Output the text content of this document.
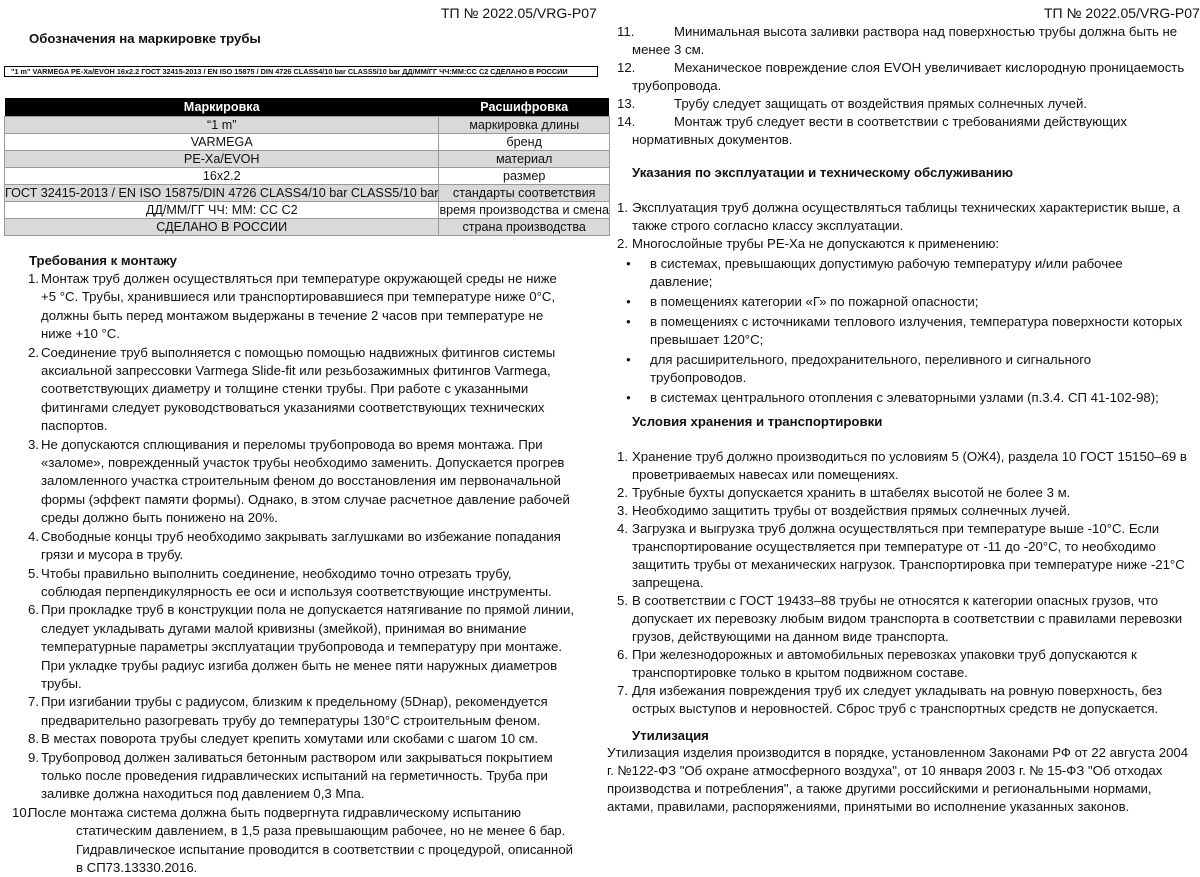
ТП № 2022.05/VRG-P07
Обозначения на маркировке трубы
"1 m" VARMEGA PE-Xa/EVOH 16x2.2 ГОСТ 32415-2013 / EN ISO 15875 / DIN 4726 CLASS4/10 bar CLASS5/10 bar ДД/ММ/ГГ ЧЧ:ММ:СС С2 СДЕЛАНО В РОССИИ
Маркировка	Расшифровка
“1 m”	маркировка длины
VARMEGA	бренд
PE-Xa/EVOH	материал
16x2.2	размер
ГОСТ 32415-2013 / EN ISO 15875/DIN 4726 CLASS4/10 bar CLASS5/10 bar	стандарты соответствия
ДД/ММ/ГГ ЧЧ: ММ: СС С2	время производства и смена
СДЕЛАНО В РОССИИ	страна производства
Требования к монтажу
1. Монтаж труб должен осуществляться при температуре окружающей среды не ниже +5 °С. Трубы, хранившиеся или транспортировавшиеся при температуре ниже 0°С, должны быть перед монтажом выдержаны в течение 2 часов при температуре не ниже +10 °С.
2. Соединение труб выполняется с помощью помощью надвижных фитингов системы аксиальной запрессовки Varmega Slide-fit или резьбозажимных фитингов Varmega, соответствующих диаметру и толщине стенки трубы. При работе с указанными фитингами следует руководствоваться указаниями соответствующих технических паспортов.
3. Не допускаются сплющивания и переломы трубопровода во время монтажа. При «заломе», поврежденный участок трубы необходимо заменить. Допускается прогрев заломленного участка строительным феном до восстановления им первоначальной формы (эффект памяти формы). Однако, в этом случае расчетное давление рабочей среды должно быть понижено на 20%.
4. Свободные концы труб необходимо закрывать заглушками во избежание попадания грязи и мусора в трубу.
5. Чтобы правильно выполнить соединение, необходимо точно отрезать трубу, соблюдая перпендикулярность ее оси и используя соответствующие инструменты.
6. При прокладке труб в конструкции пола не допускается натягивание по прямой линии, следует укладывать дугами малой кривизны (змейкой), принимая во внимание температурные параметры эксплуатации трубопровода и температуру при монтаже. При укладке трубы радиус изгиба должен быть не менее пяти наружных диаметров трубы.
7. При изгибании трубы с радиусом, близким к предельному (5Dнар), рекомендуется предварительно разогревать трубу до температуры 130°С строительным феном.
8. В местах поворота трубы следует крепить хомутами или скобами с шагом 10 см.
9. Трубопровод должен заливаться бетонным раствором или закрываться покрытием только после проведения гидравлических испытаний на герметичность. Труба при заливке должна находиться под давлением 0,3 Мпа.
10.
После монтажа система должна быть подвергнута гидравлическому испытанию статическим давлением, в 1,5 раза превышающим рабочее, но не менее 6 бар. Гидравлическое испытание проводится в соответствии с процедурой, описанной в СП73.13330.2016.
ТП № 2022.05/VRG-P07
11.	Минимальная высота заливки раствора над поверхностью трубы должна быть не менее 3 см.
12.	Механическое повреждение слоя EVOH увеличивает кислородную проницаемость трубопровода.
13.	Трубу следует защищать от воздействия прямых солнечных лучей.
14.	Монтаж труб следует вести в соответствии с требованиями действующих нормативных документов.
Указания по эксплуатации и техническому обслуживанию
1. Эксплуатация труб должна осуществляться таблицы технических характеристик выше, а также строго согласно классу эксплуатации.
2. Многослойные трубы PE-Xa не допускаются к применению:
● в системах, превышающих допустимую рабочую температуру и/или рабочее давление;
● в помещениях категории «Г» по пожарной опасности;
● в помещениях с источниками теплового излучения, температура поверхности которых превышает 120°С;
● для расширительного, предохранительного, переливного и сигнального трубопроводов.
● в системах центрального отопления с элеваторными узлами (п.3.4. СП 41-102-98);
Условия хранения и транспортировки
1. Хранение труб должно производиться по условиям 5 (ОЖ4), раздела 10 ГОСТ 15150–69 в проветриваемых навесах или помещениях.
2. Трубные бухты допускается хранить в штабелях высотой не более 3 м.
3. Необходимо защитить трубы от воздействия прямых солнечных лучей.
4. Загрузка и выгрузка труб должна осуществляться при температуре выше -10°С. Если транспортирование осуществляется при температуре от -11 до -20°С, то необходимо защитить трубы от механических нагрузок. Транспортировка при температуре ниже -21°С запрещена.
5. В соответствии с ГОСТ 19433–88 трубы не относятся к категории опасных грузов, что допускает их перевозку любым видом транспорта в соответствии с правилами перевозки грузов, действующими на данном виде транспорта.
6. При железнодорожных и автомобильных перевозках упаковки труб допускаются к транспортировке только в крытом подвижном составе.
7. Для избежания повреждения труб их следует укладывать на ровную поверхность, без острых выступов и неровностей. Сброс труб с транспортных средств не допускается.
Утилизация
Утилизация изделия производится в порядке, установленном Законами РФ от 22 августа 2004 г. №122-ФЗ "Об охране атмосферного воздуха", от 10 января 2003 г. № 15-ФЗ "Об отходах производства и потребления", а также другими российскими и региональными нормами, актами, правилами, распоряжениями, принятыми во исполнение указанных законов.
